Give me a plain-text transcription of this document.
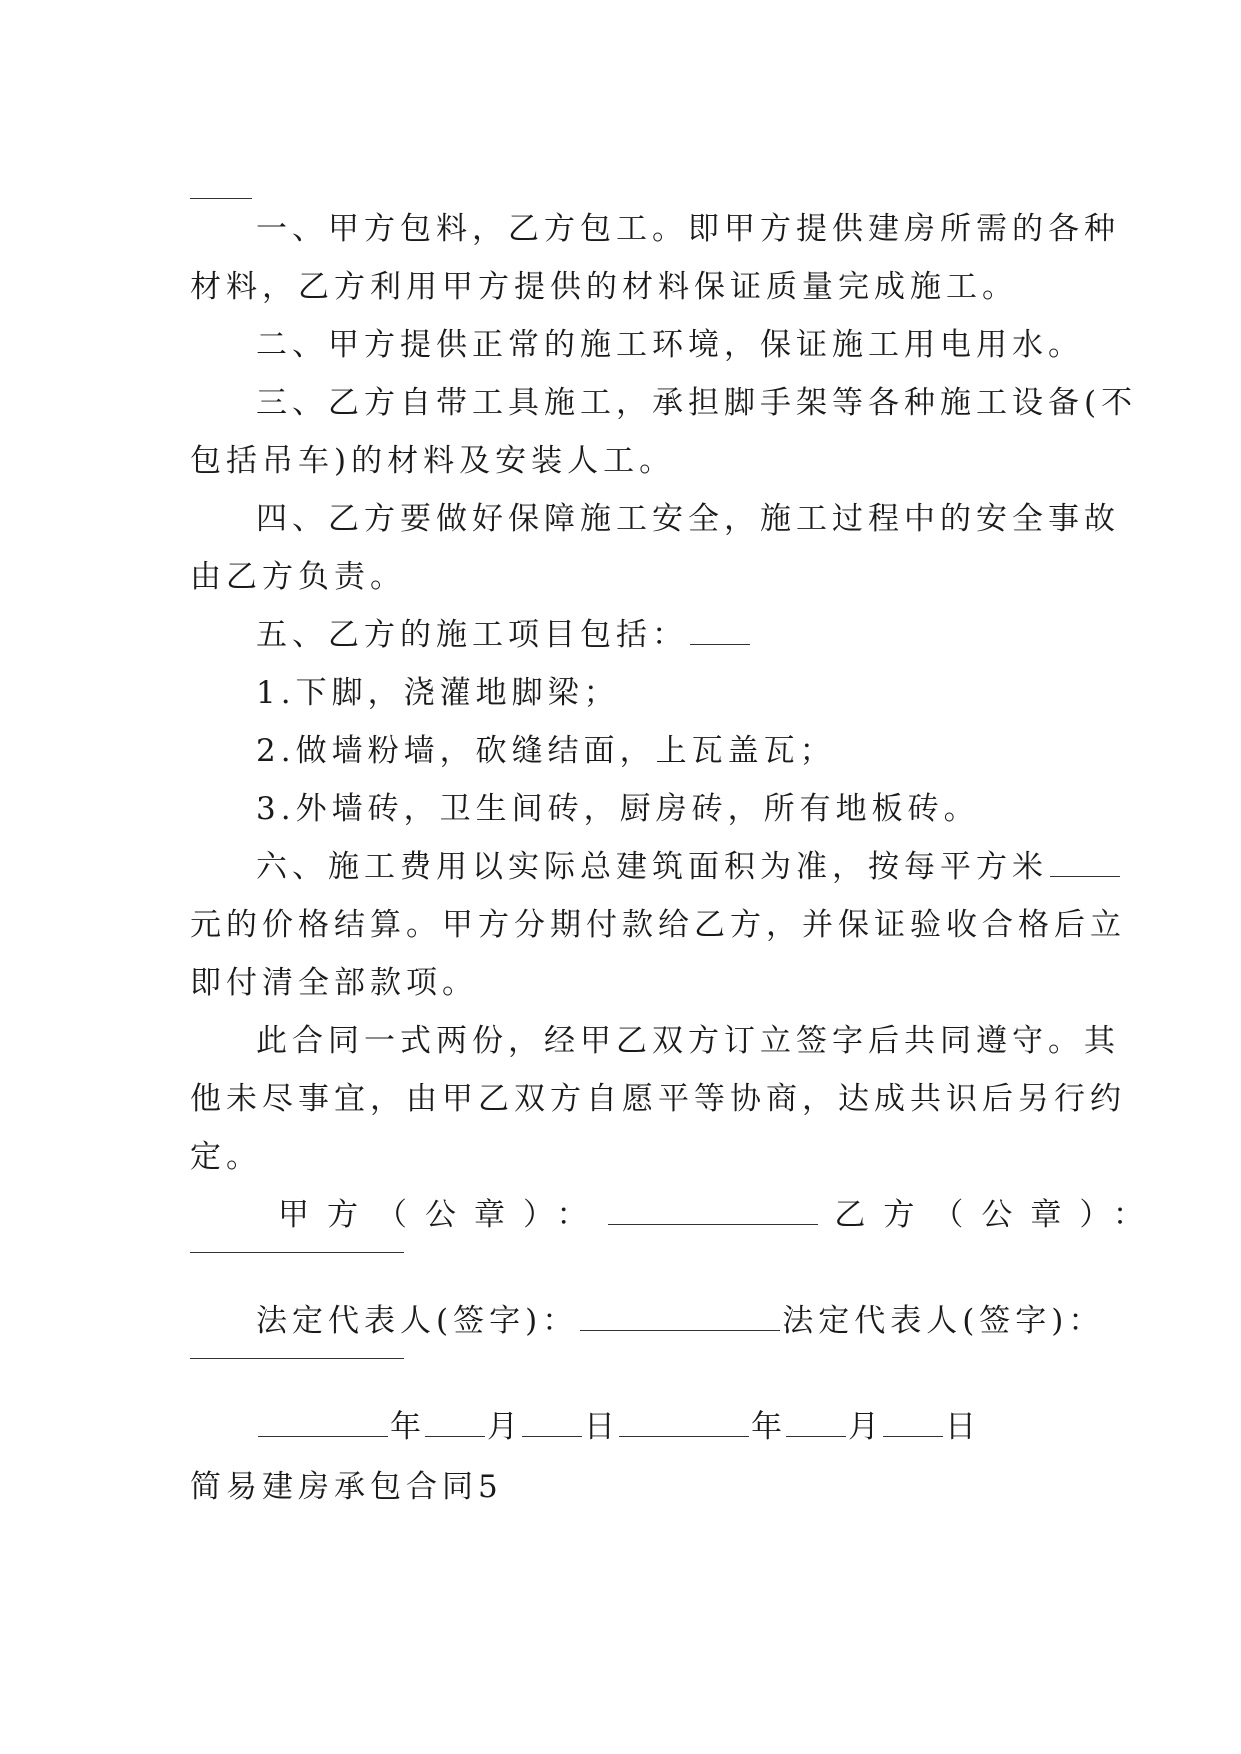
一、甲方包料，乙方包工。即甲方提供建房所需的各种
材料，乙方利用甲方提供的材料保证质量完成施工。
二、甲方提供正常的施工环境，保证施工用电用水。
三、乙方自带工具施工，承担脚手架等各种施工设备(不
包括吊车)的材料及安装人工。
四、乙方要做好保障施工安全，施工过程中的安全事故
由乙方负责。
五、乙方的施工项目包括：
1.下脚，浇灌地脚梁；
2.做墙粉墙，砍缝结面，上瓦盖瓦；
3.外墙砖，卫生间砖，厨房砖，所有地板砖。
六、施工费用以实际总建筑面积为准，按每平方米
元的价格结算。甲方分期付款给乙方，并保证验收合格后立
即付清全部款项。
此合同一式两份，经甲乙双方订立签字后共同遵守。其
他未尽事宜，由甲乙双方自愿平等协商，达成共识后另行约
定。
甲方（公章）：	乙方（公章）：
法定代表人(签字)：	法定代表人(签字)：
年 月 日	年 月 日
简易建房承包合同5
